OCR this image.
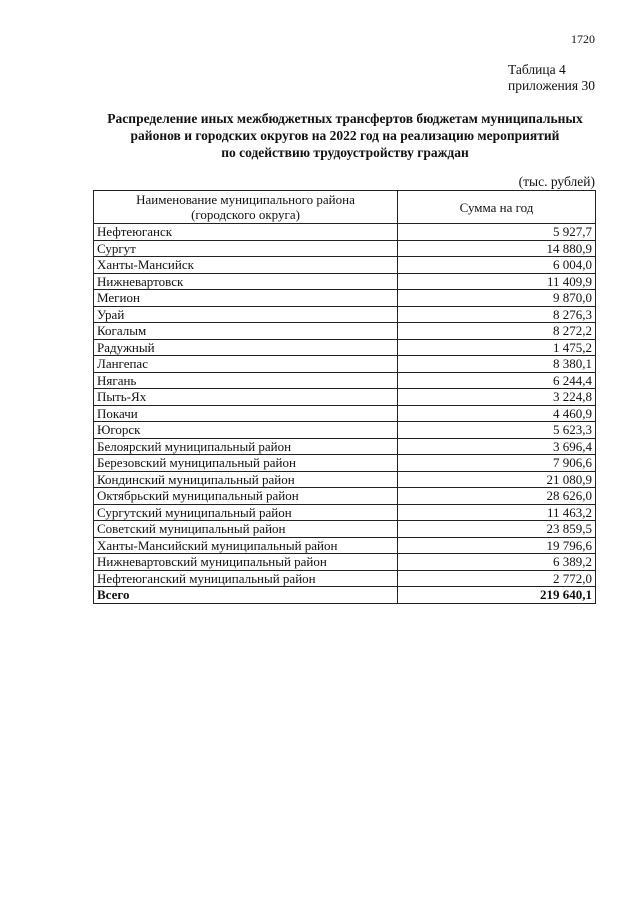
1720
Таблица 4
приложения 30
Распределение иных межбюджетных трансфертов бюджетам муниципальных
районов и городских округов на 2022 год на реализацию мероприятий
по содействию трудоустройству граждан
(тыс. рублей)
Наименование муниципального района
(городского округа)	Сумма на год
Нефтеюганск	5 927,7
Сургут	14 880,9
Ханты-Мансийск	6 004,0
Нижневартовск	11 409,9
Мегион	9 870,0
Урай	8 276,3
Когалым	8 272,2
Радужный	1 475,2
Лангепас	8 380,1
Нягань	6 244,4
Пыть-Ях	3 224,8
Покачи	4 460,9
Югорск	5 623,3
Белоярский муниципальный район	3 696,4
Березовский муниципальный район	7 906,6
Кондинский муниципальный район	21 080,9
Октябрьский муниципальный район	28 626,0
Сургутский муниципальный район	11 463,2
Советский муниципальный район	23 859,5
Ханты-Мансийский муниципальный район	19 796,6
Нижневартовский муниципальный район	6 389,2
Нефтеюганский муниципальный район	2 772,0
Всего	219 640,1
